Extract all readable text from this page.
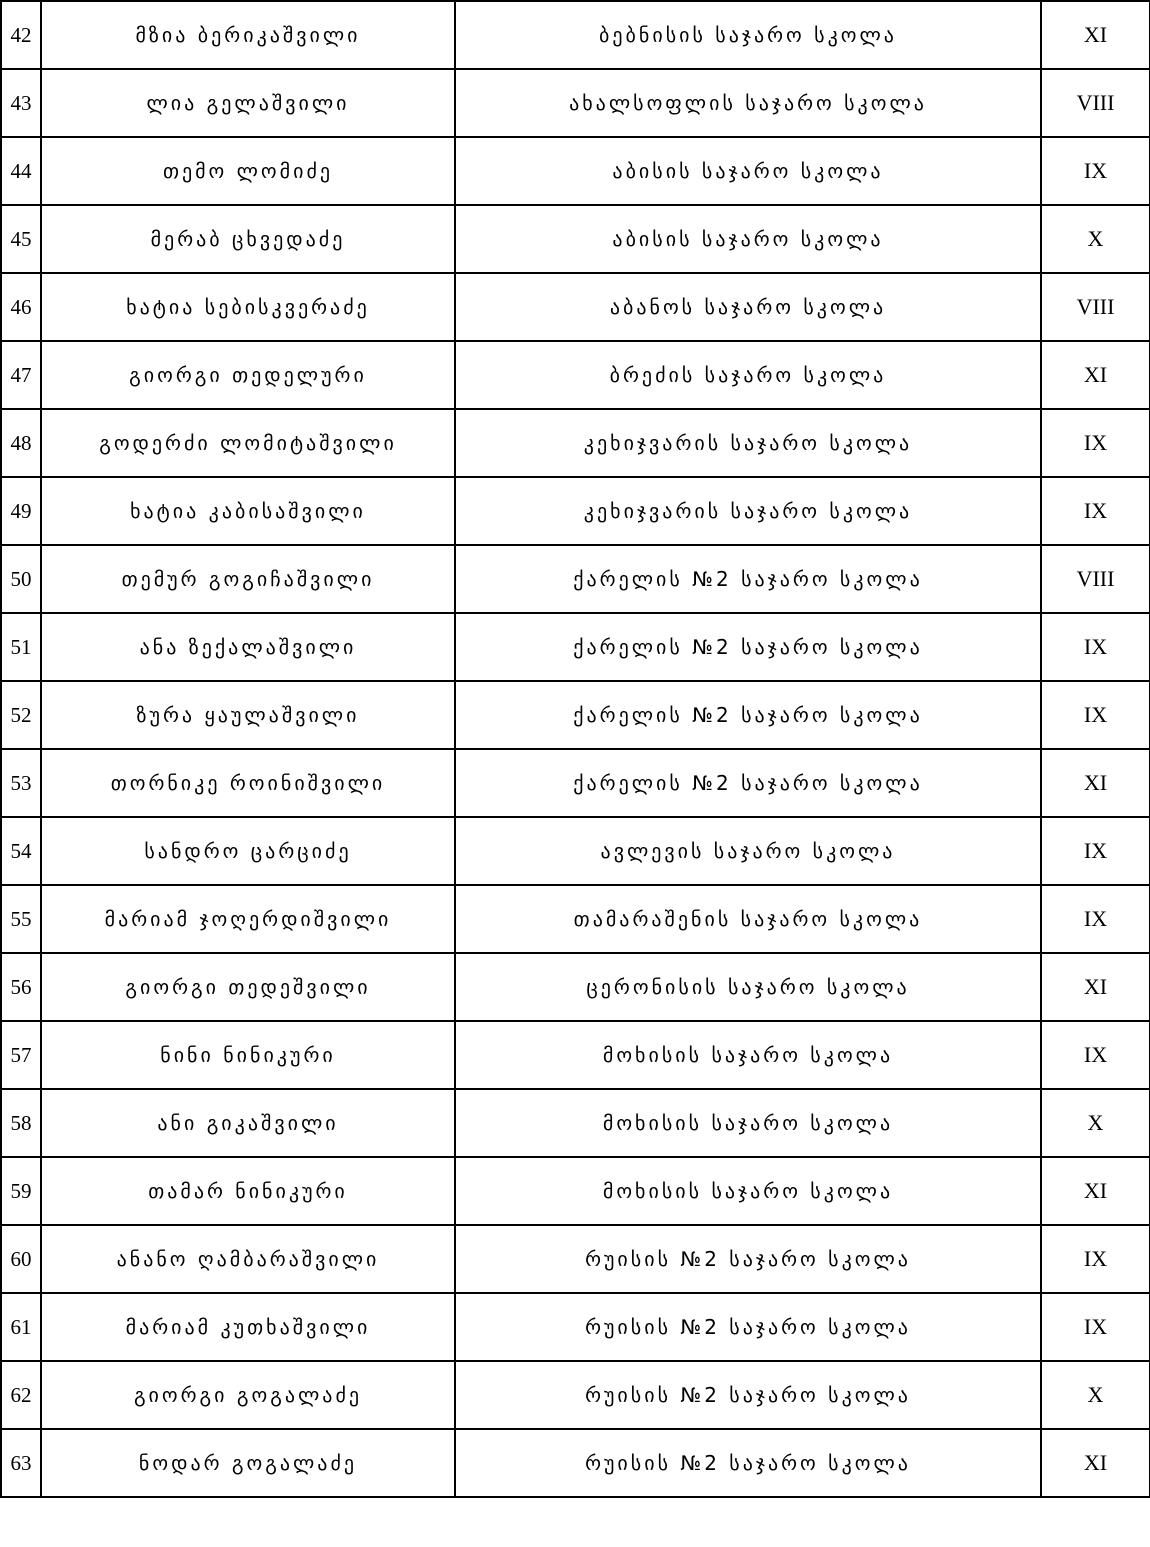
42	მზია ბერიკაშვილი	ბებნისის საჯარო სკოლა	XI
43	ლია გელაშვილი	ახალსოფლის საჯარო სკოლა	VIII
44	თემო ლომიძე	აბისის საჯარო სკოლა	IX
45	მერაბ ცხვედაძე	აბისის საჯარო სკოლა	X
46	ხატია სებისკვერაძე	აბანოს საჯარო სკოლა	VIII
47	გიორგი თედელური	ბრეძის საჯარო სკოლა	XI
48	გოდერძი ლომიტაშვილი	კეხიჯვარის საჯარო სკოლა	IX
49	ხატია კაბისაშვილი	კეხიჯვარის საჯარო სკოლა	IX
50	თემურ გოგიჩაშვილი	ქარელის №2 საჯარო სკოლა	VIII
51	ანა ზექალაშვილი	ქარელის №2 საჯარო სკოლა	IX
52	ზურა ყაულაშვილი	ქარელის №2 საჯარო სკოლა	IX
53	თორნიკე როინიშვილი	ქარელის №2 საჯარო სკოლა	XI
54	სანდრო ცარციძე	ავლევის საჯარო სკოლა	IX
55	მარიამ ჯოღერდიშვილი	თამარაშენის საჯარო სკოლა	IX
56	გიორგი თედეშვილი	ცერონისის საჯარო სკოლა	XI
57	ნინი ნინიკური	მოხისის საჯარო სკოლა	IX
58	ანი გიკაშვილი	მოხისის საჯარო სკოლა	X
59	თამარ ნინიკური	მოხისის საჯარო სკოლა	XI
60	ანანო ღამბარაშვილი	რუისის №2 საჯარო სკოლა	IX
61	მარიამ კუთხაშვილი	რუისის №2 საჯარო სკოლა	IX
62	გიორგი გოგალაძე	რუისის №2 საჯარო სკოლა	X
63	ნოდარ გოგალაძე	რუისის №2 საჯარო სკოლა	XI
